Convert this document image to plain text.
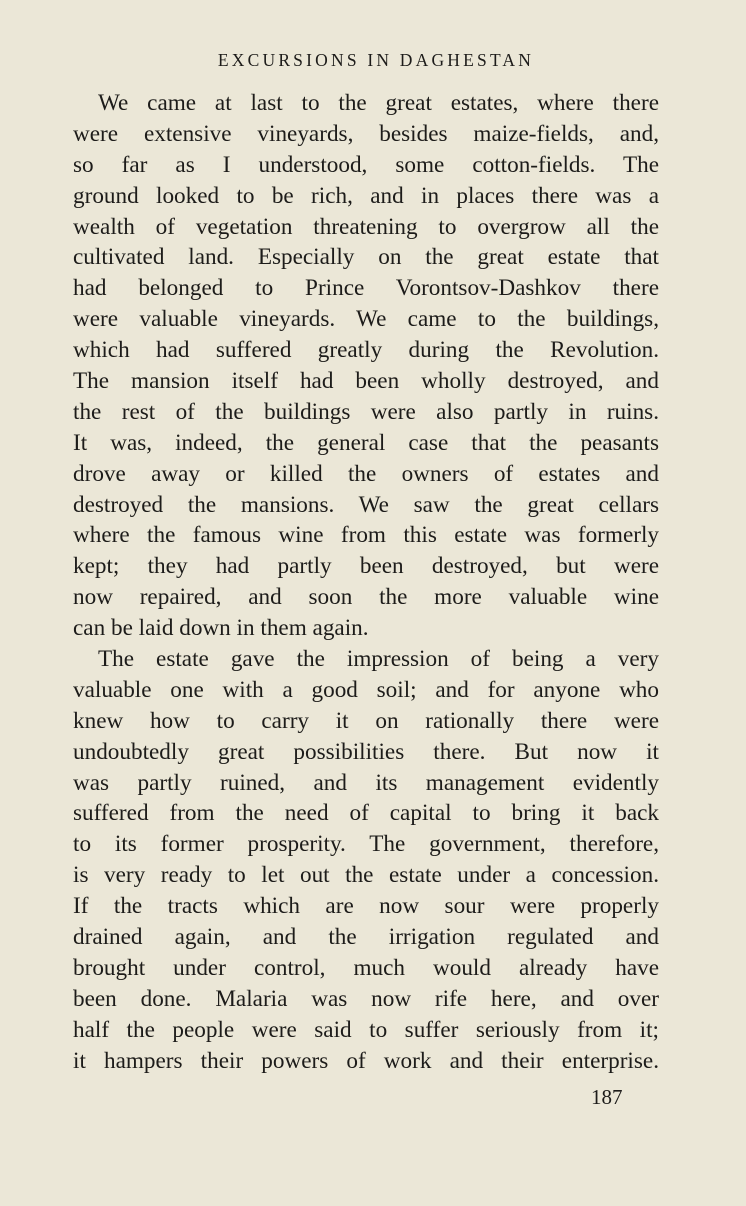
EXCURSIONS IN DAGHESTAN
We came at last to the great estates, where there
were extensive vineyards, besides maize-fields, and,
so far as I understood, some cotton-fields. The
ground looked to be rich, and in places there was a
wealth of vegetation threatening to overgrow all the
cultivated land. Especially on the great estate that
had belonged to Prince Vorontsov-Dashkov there
were valuable vineyards. We came to the buildings,
which had suffered greatly during the Revolution.
The mansion itself had been wholly destroyed, and
the rest of the buildings were also partly in ruins.
It was, indeed, the general case that the peasants
drove away or killed the owners of estates and
destroyed the mansions. We saw the great cellars
where the famous wine from this estate was formerly
kept; they had partly been destroyed, but were
now repaired, and soon the more valuable wine
can be laid down in them again.
The estate gave the impression of being a very
valuable one with a good soil; and for anyone who
knew how to carry it on rationally there were
undoubtedly great possibilities there. But now it
was partly ruined, and its management evidently
suffered from the need of capital to bring it back
to its former prosperity. The government, therefore,
is very ready to let out the estate under a concession.
If the tracts which are now sour were properly
drained again, and the irrigation regulated and
brought under control, much would already have
been done. Malaria was now rife here, and over
half the people were said to suffer seriously from it;
it hampers their powers of work and their enterprise.
187
